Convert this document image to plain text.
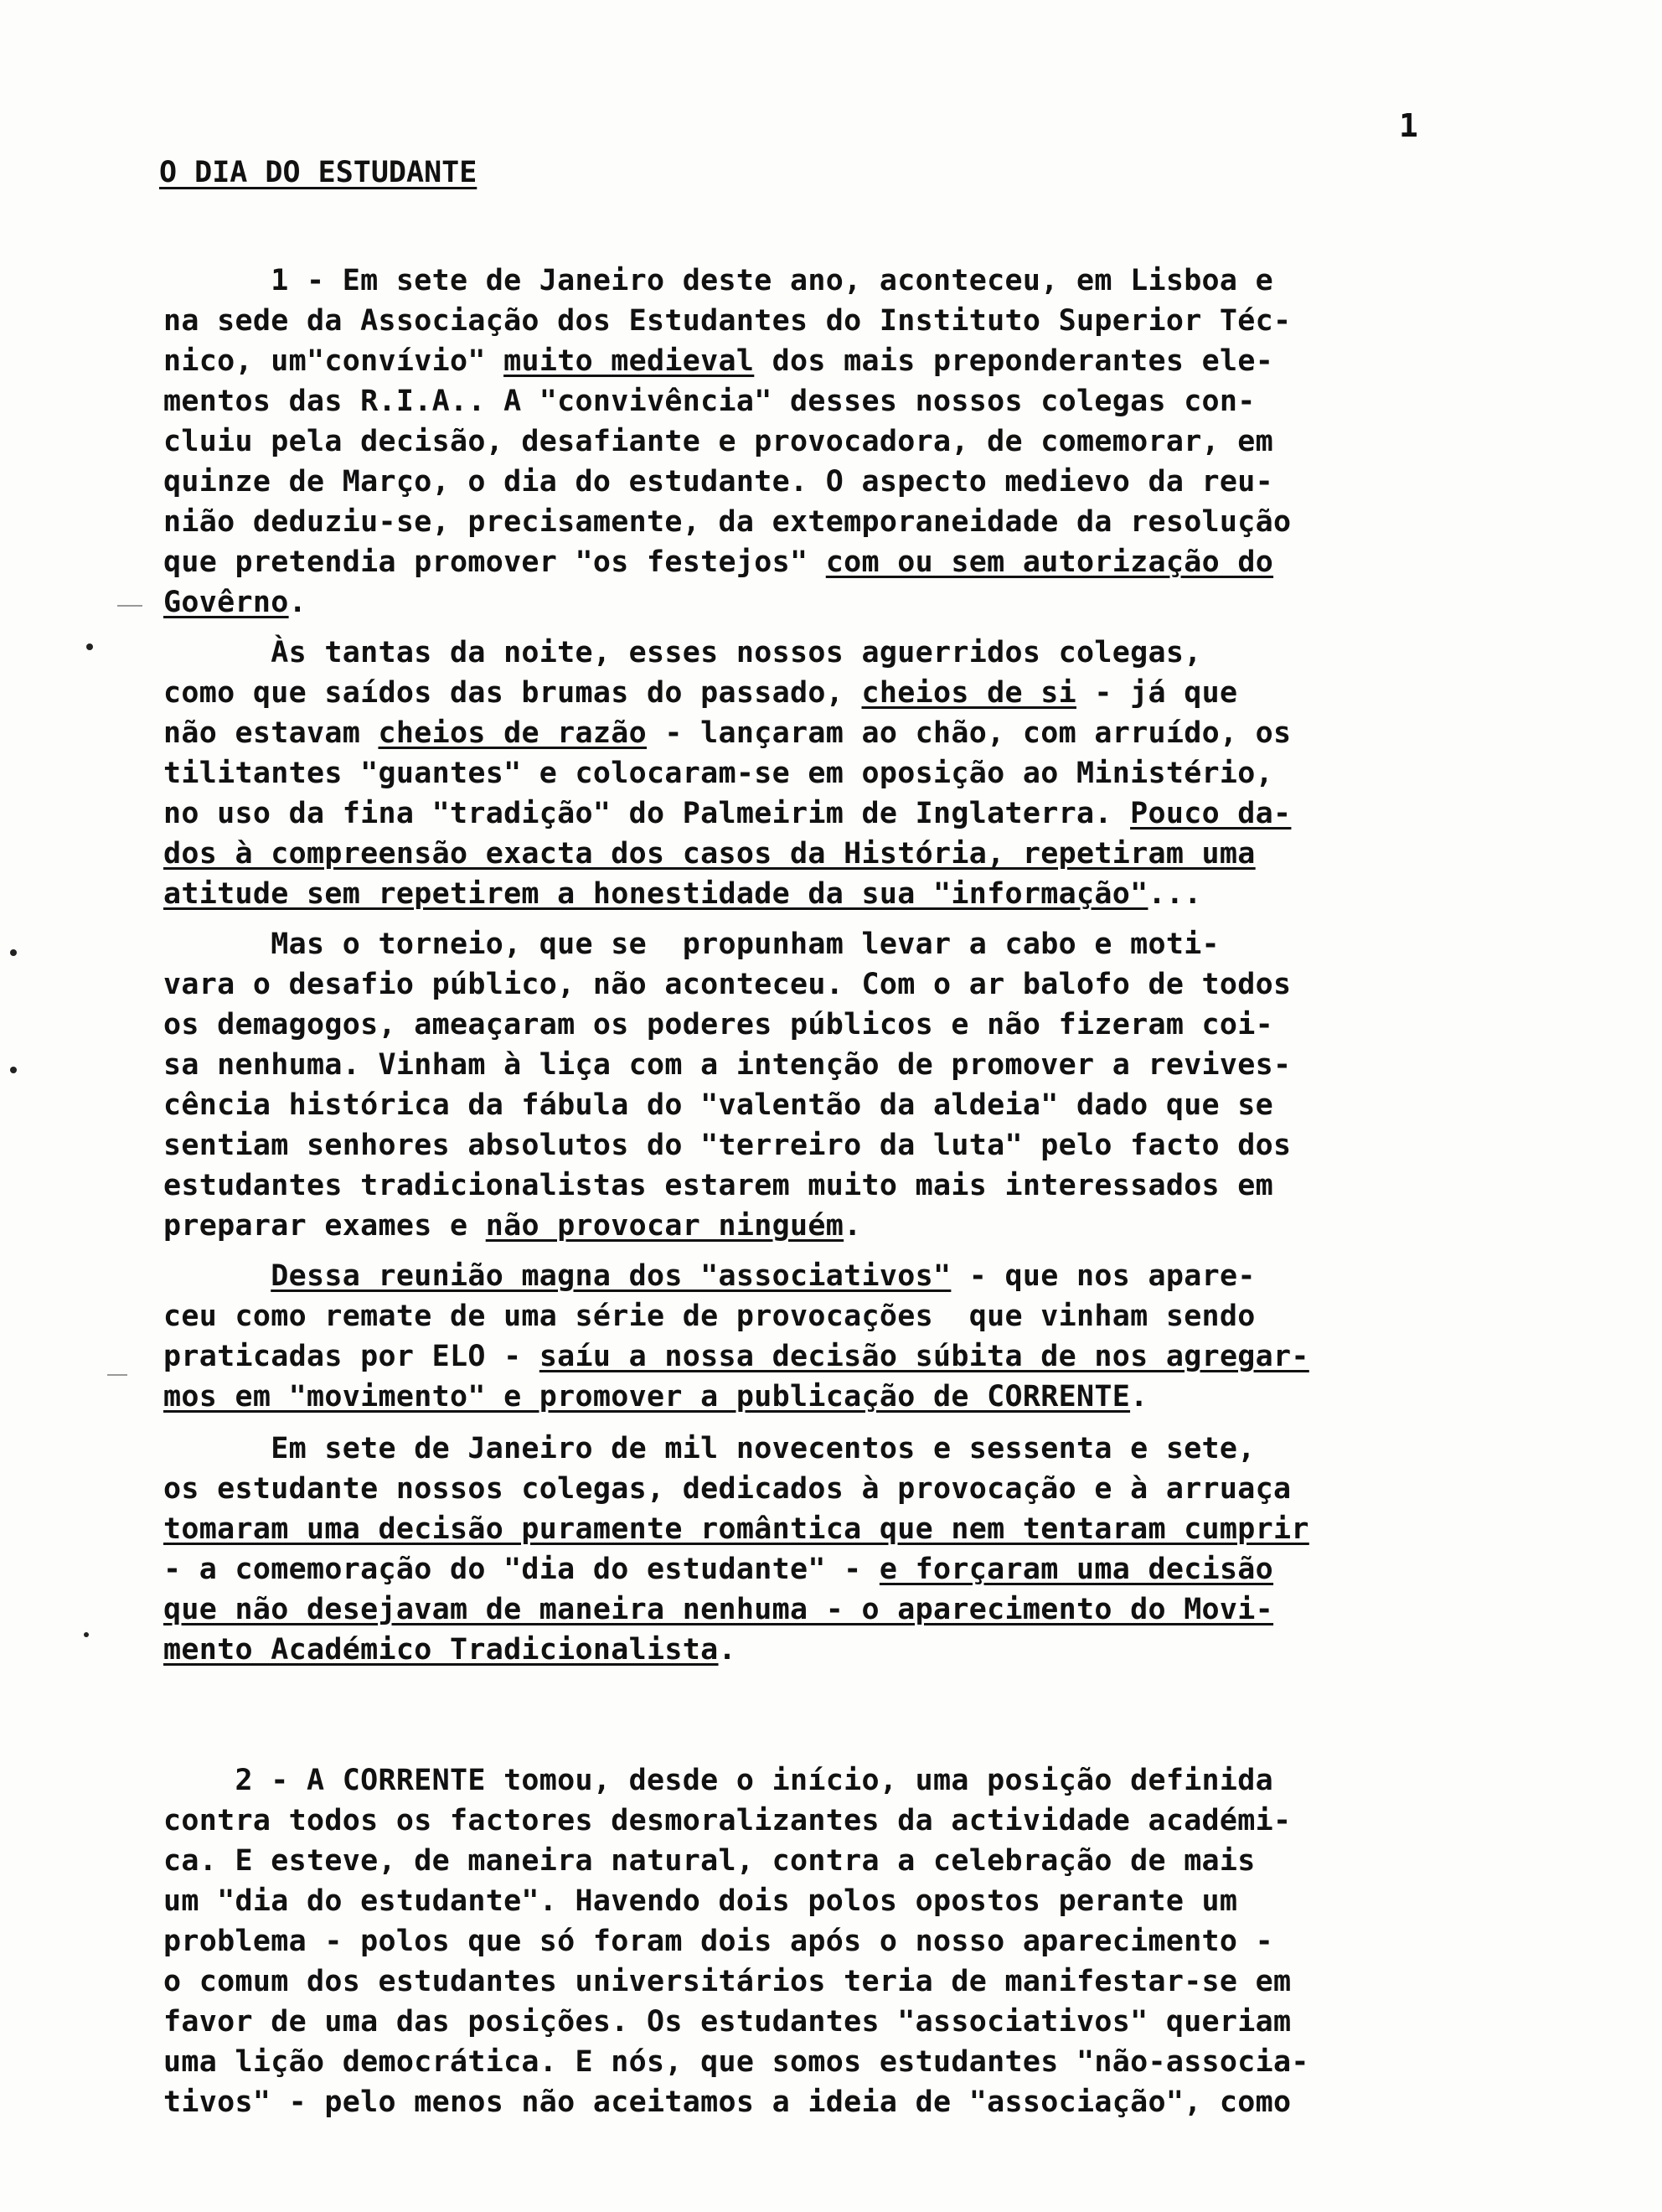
1
O DIA DO ESTUDANTE
1 - Em sete de Janeiro deste ano, aconteceu, em Lisboa e
na sede da Associação dos Estudantes do Instituto Superior Téc-
nico, um"convívio" muito medieval dos mais preponderantes ele-
mentos das R.I.A.. A "convivência" desses nossos colegas con-
cluiu pela decisão, desafiante e provocadora, de comemorar, em
quinze de Março, o dia do estudante. O aspecto medievo da reu-
nião deduziu-se, precisamente, da extemporaneidade da resolução
que pretendia promover "os festejos" com ou sem autorização do
Govêrno.
Às tantas da noite, esses nossos aguerridos colegas,
como que saídos das brumas do passado, cheios de si - já que
não estavam cheios de razão - lançaram ao chão, com arruído, os
tilitantes "guantes" e colocaram-se em oposição ao Ministério,
no uso da fina "tradição" do Palmeirim de Inglaterra. Pouco da-
dos à compreensão exacta dos casos da História, repetiram uma
atitude sem repetirem a honestidade da sua "informação"...
Mas o torneio, que se  propunham levar a cabo e moti-
vara o desafio público, não aconteceu. Com o ar balofo de todos
os demagogos, ameaçaram os poderes públicos e não fizeram coi-
sa nenhuma. Vinham à liça com a intenção de promover a revives-
cência histórica da fábula do "valentão da aldeia" dado que se
sentiam senhores absolutos do "terreiro da luta" pelo facto dos
estudantes tradicionalistas estarem muito mais interessados em
preparar exames e não provocar ninguém.
Dessa reunião magna dos "associativos" - que nos apare-
ceu como remate de uma série de provocações  que vinham sendo
praticadas por ELO - saíu a nossa decisão súbita de nos agregar-
mos em "movimento" e promover a publicação de CORRENTE.
Em sete de Janeiro de mil novecentos e sessenta e sete,
os estudante nossos colegas, dedicados à provocação e à arruaça
tomaram uma decisão puramente romântica que nem tentaram cumprir
- a comemoração do "dia do estudante" - e forçaram uma decisão
que não desejavam de maneira nenhuma - o aparecimento do Movi-
mento Académico Tradicionalista.
2 - A CORRENTE tomou, desde o início, uma posição definida
contra todos os factores desmoralizantes da actividade académi-
ca. E esteve, de maneira natural, contra a celebração de mais
um "dia do estudante". Havendo dois polos opostos perante um
problema - polos que só foram dois após o nosso aparecimento -
o comum dos estudantes universitários teria de manifestar-se em
favor de uma das posições. Os estudantes "associativos" queriam
uma lição democrática. E nós, que somos estudantes "não-associa-
tivos" - pelo menos não aceitamos a ideia de "associação", como
